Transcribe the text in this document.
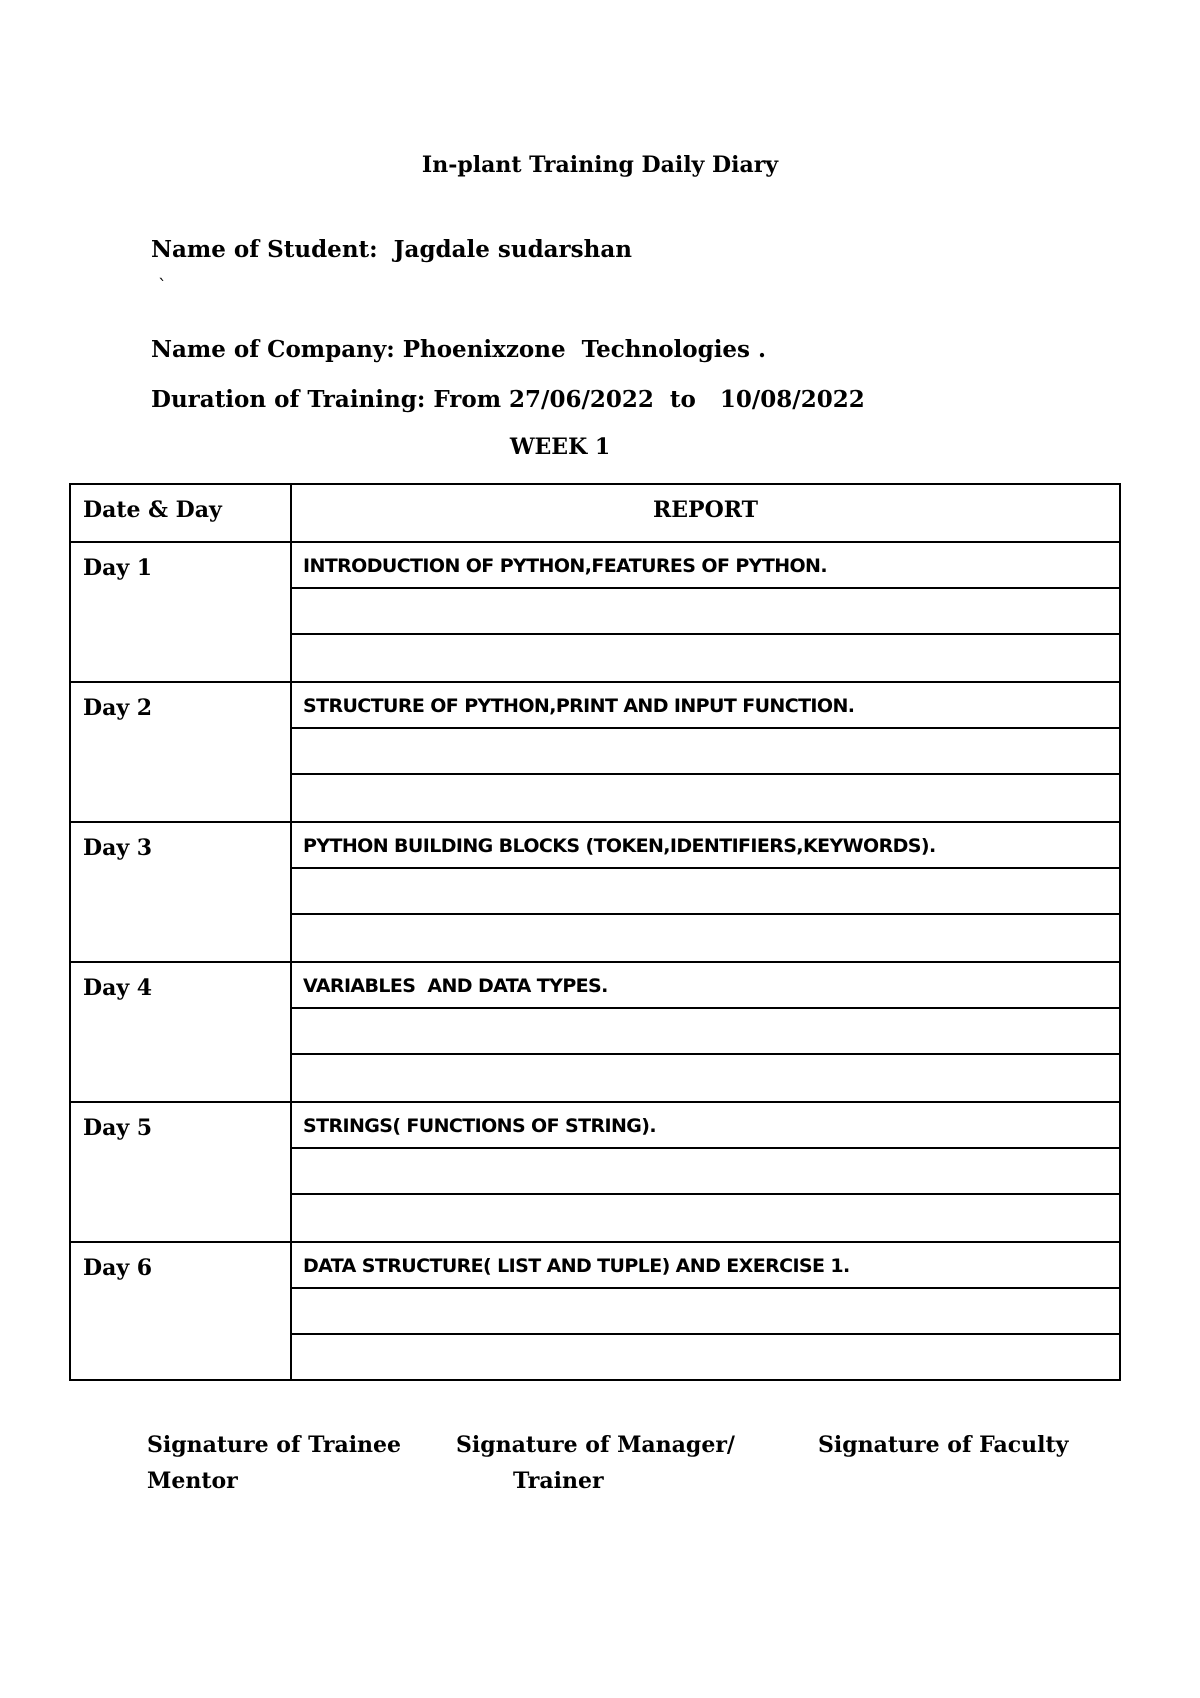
In-plant Training Daily Diary
Name of Student:  Jagdale sudarshan
`
Name of Company: Phoenixzone  Technologies .
Duration of Training: From 27/06/2022  to   10/08/2022
WEEK 1
Date & Day	REPORT
Day 1	INTRODUCTION OF PYTHON,FEATURES OF PYTHON.
Day 2	STRUCTURE OF PYTHON,PRINT AND INPUT FUNCTION.
Day 3	PYTHON BUILDING BLOCKS (TOKEN,IDENTIFIERS,KEYWORDS).
Day 4	VARIABLES  AND DATA TYPES.
Day 5	STRINGS( FUNCTIONS OF STRING).
Day 6	DATA STRUCTURE( LIST AND TUPLE) AND EXERCISE 1.
Signature of Trainee
Mentor
Signature of Manager/
Trainer
Signature of Faculty
